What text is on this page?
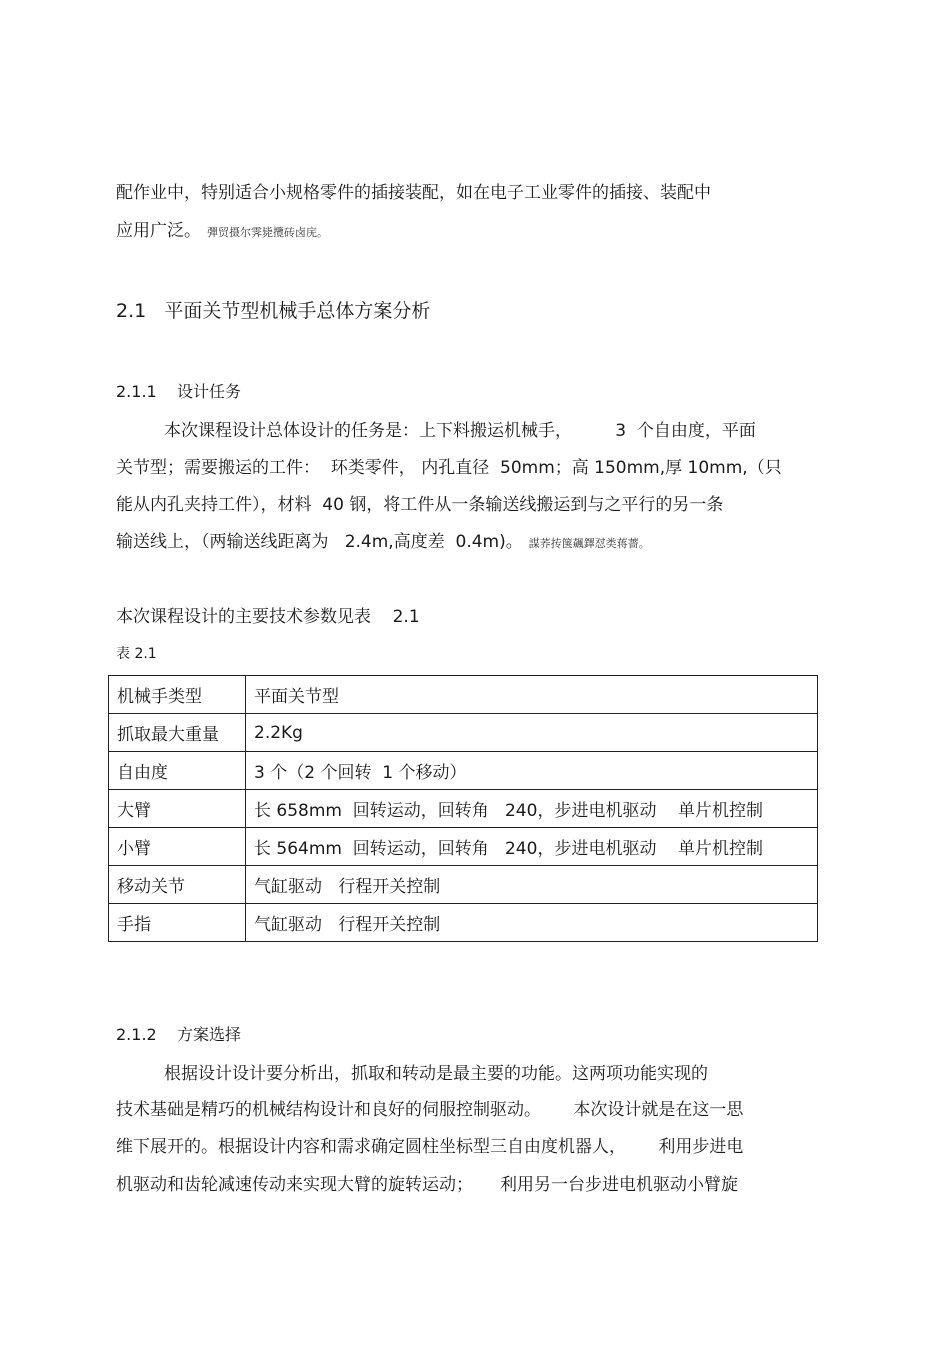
配作业中，特别适合小规格零件的插接装配，如在电子工业零件的插接、装配中
应用广泛。 彈贸摄尔霁毙攬砖卤庑。
2.1   平面关节型机械手总体方案分析
2.1.1    设计任务
本次课程设计总体设计的任务是：上下料搬运机械手，        3  个自由度，平面
关节型；需要搬运的工件：  环类零件， 内孔直径  50mm；高 150mm,厚 10mm,（只
能从内孔夹持工件），材料  40 钢，将工件从一条输送线搬运到与之平行的另一条
输送线上，（两输送线距离为   2.4m,高度差  0.4m)。 謀荞抟箧飆鐸怼类蒋薔。
本次课程设计的主要技术参数见表    2.1
表 2.1
机械手类型	平面关节型
抓取最大重量	2.2Kg
自由度	3 个（2 个回转  1 个移动）
大臂	长 658mm  回转运动，回转角   240，步进电机驱动    单片机控制
小臂	长 564mm  回转运动，回转角   240，步进电机驱动    单片机控制
移动关节	气缸驱动   行程开关控制
手指	气缸驱动   行程开关控制
2.1.2    方案选择
根据设计设计要分析出，抓取和转动是最主要的功能。这两项功能实现的
技术基础是精巧的机械结构设计和良好的伺服控制驱动。      本次设计就是在这一思
维下展开的。根据设计内容和需求确定圆柱坐标型三自由度机器人，      利用步进电
机驱动和齿轮减速传动来实现大臂的旋转运动；     利用另一台步进电机驱动小臂旋
